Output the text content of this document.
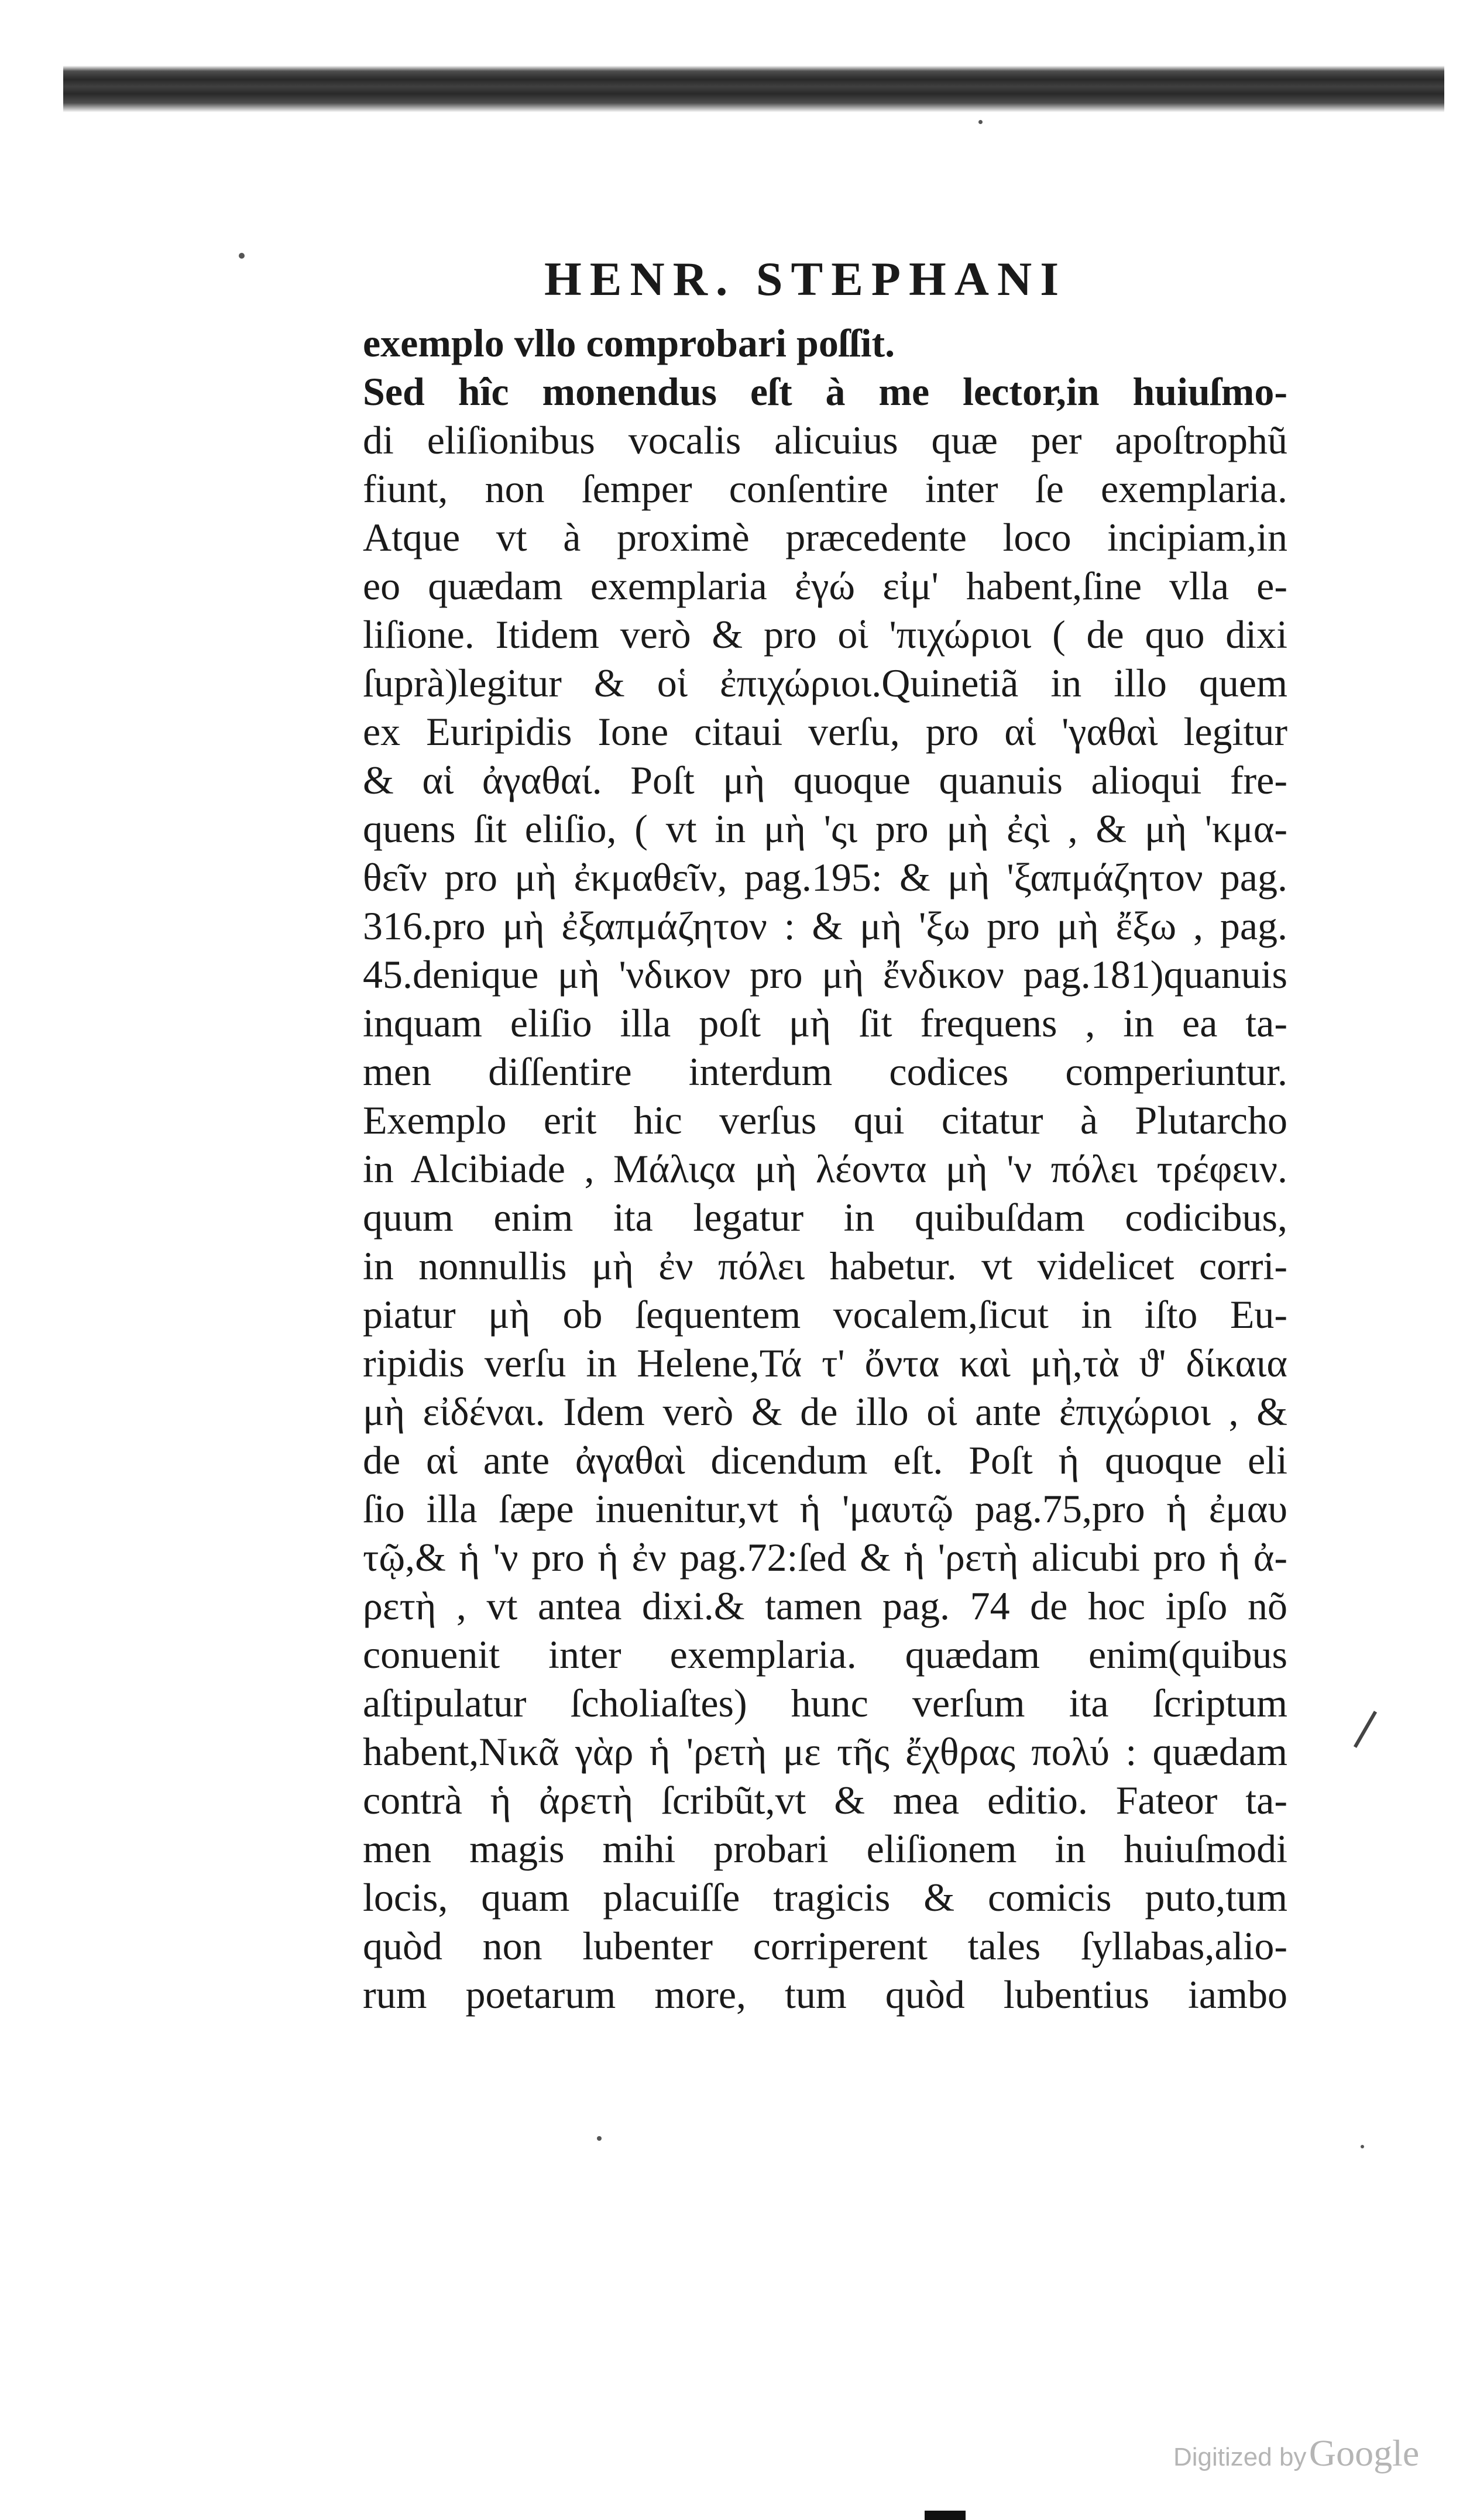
HENR. STEPHANI
exemplo vllo comprobari poſſit.
Sed hîc monendus eſt à me lector,in huiuſmo-
di eliſionibus vocalis alicuius quæ per apoſtrophũ
fiunt, non ſemper conſentire inter ſe exemplaria.
Atque vt à proximè præcedente loco incipiam,in
eo quædam exemplaria ἐγώ εἰμ' habent,ſine vlla e-
liſione. Itidem verò & pro οἱ 'πιχώριοι ( de quo dixi
ſuprà)legitur & οἱ ἐπιχώριοι.Quinetiã in illo quem
ex Euripidis Ione citaui verſu, pro αἱ 'γαθαὶ legitur
& αἱ ἀγαθαί. Poſt μὴ quoque quanuis alioqui fre-
quens ſit eliſio, ( vt in μὴ 'ςι pro μὴ ἐςὶ , & μὴ 'κμα-
θεῖν pro μὴ ἐκμαθεῖν, pag.195: & μὴ 'ξαπμάζητον pag.
316.pro μὴ ἐξαπμάζητον : & μὴ 'ξω pro μὴ ἔξω , pag.
45.denique μὴ 'νδικον pro μὴ ἔνδικον pag.181)quanuis
inquam eliſio illa poſt μὴ ſit frequens , in ea ta-
men diſſentire interdum codices comperiuntur.
Exemplo erit hic verſus qui citatur à Plutarcho
in Alcibiade , Μάλιςα μὴ λέοντα μὴ 'ν πόλει τρέφειν.
quum enim ita legatur in quibuſdam codicibus,
in nonnullis μὴ ἐν πόλει habetur. vt videlicet corri-
piatur μὴ ob ſequentem vocalem,ſicut in iſto Eu-
ripidis verſu in Helene,Τά τ' ὄντα καὶ μὴ,τὰ ϑ' δίκαια
μὴ εἰδέναι. Idem verò & de illo οἱ ante ἐπιχώριοι , &
de αἱ ante ἀγαθαὶ dicendum eſt. Poſt ἡ quoque eli
ſio illa ſæpe inuenitur,vt ἡ 'μαυτῷ pag.75,pro ἡ ἐμαυ
τῷ,& ἡ 'ν pro ἡ ἐν pag.72:ſed & ἡ 'ρετὴ alicubi pro ἡ ἀ-
ρετὴ , vt antea dixi.& tamen pag. 74 de hoc ipſo nõ
conuenit inter exemplaria. quædam enim(quibus
aſtipulatur ſcholiaſtes) hunc verſum ita ſcriptum
habent,Νικᾶ γὰρ ἡ 'ρετὴ με τῆς ἔχθρας πολύ : quædam
contrà ἡ ἀρετὴ ſcribũt,vt & mea editio. Fateor ta-
men magis mihi probari eliſionem in huiuſmodi
locis, quam placuiſſe tragicis & comicis puto,tum
quòd non lubenter corriperent tales ſyllabas,alio-
rum poetarum more, tum quòd lubentius iambo
Digitized by Google
